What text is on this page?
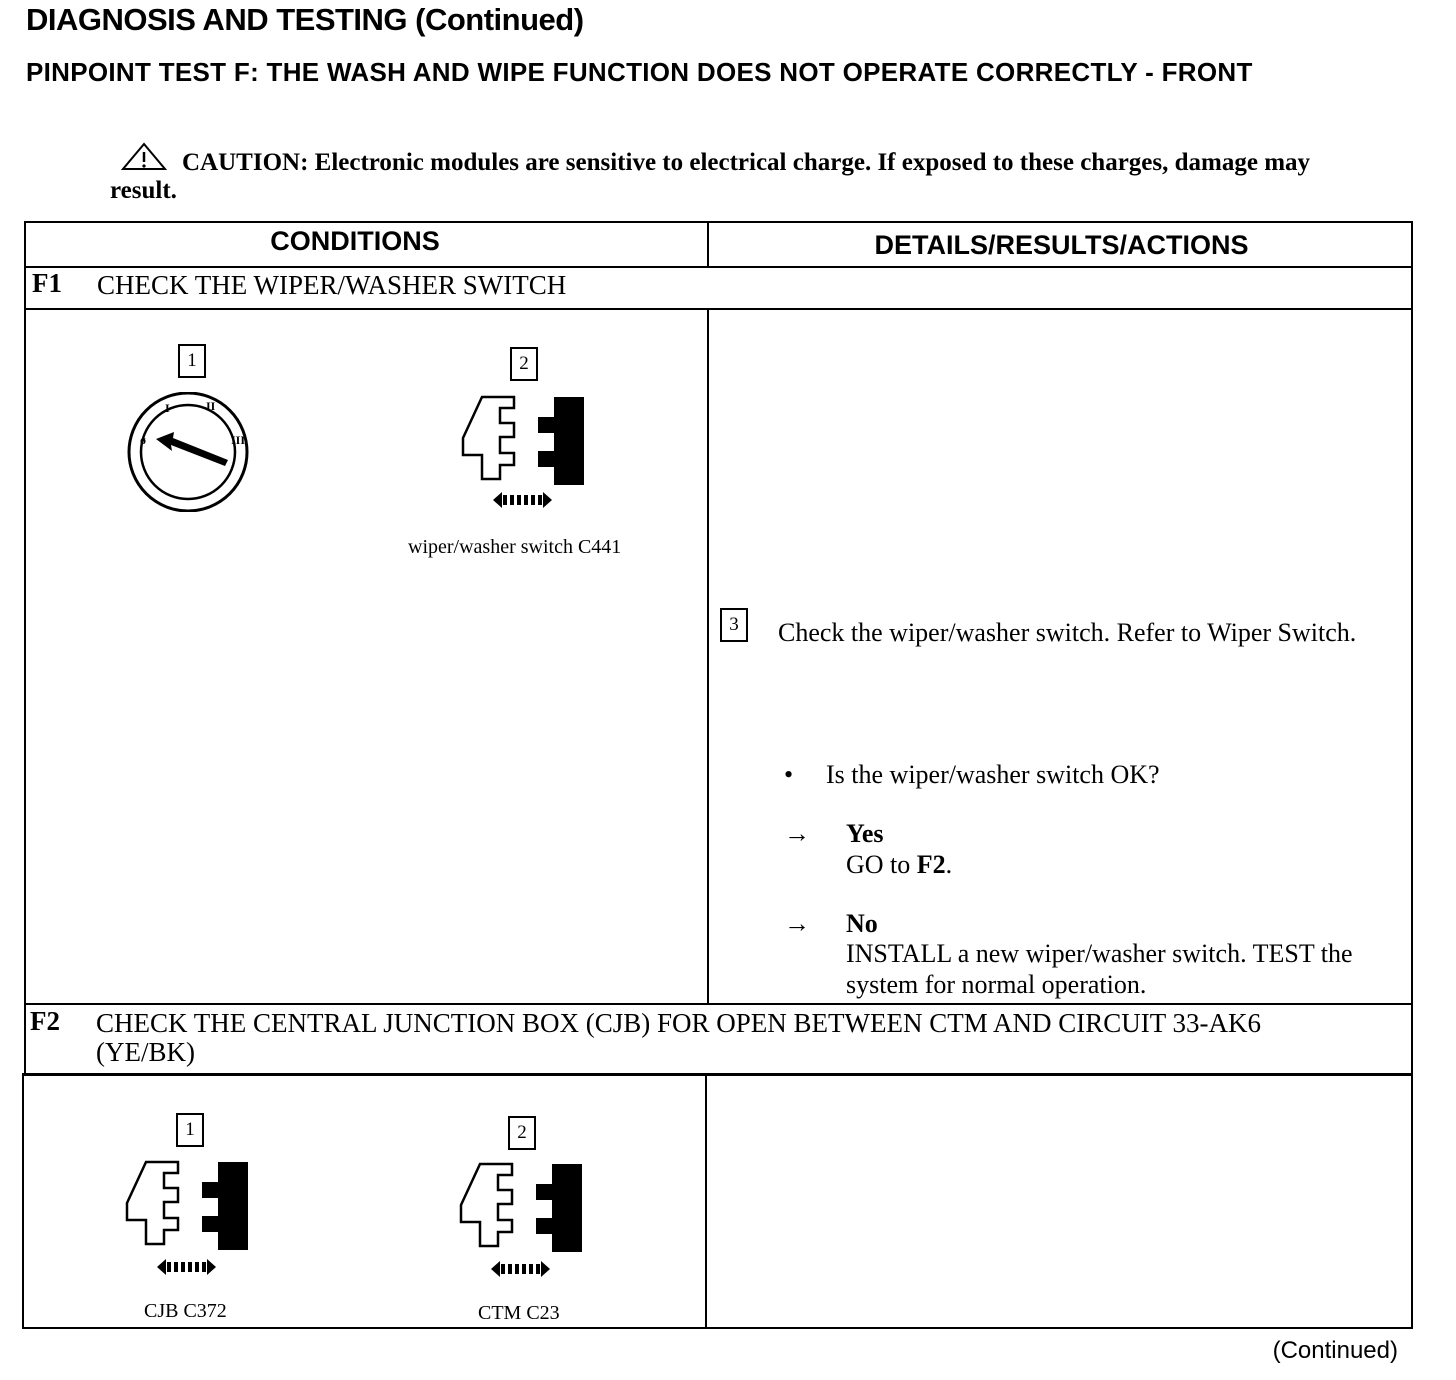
DIAGNOSIS AND TESTING (Continued)
PINPOINT TEST F: THE WASH AND WIPE FUNCTION DOES NOT OPERATE CORRECTLY - FRONT
CAUTION: Electronic modules are sensitive to electrical charge. If exposed to these charges, damage may result.
CONDITIONS	DETAILS/RESULTS/ACTIONS
F1 CHECK THE WIPER/WASHER SWITCH
1
ø
I	II
III
2
wiper/washer switch C441
3	Check the wiper/washer switch. Refer to Wiper Switch.
• Is the wiper/washer switch OK?
→ Yes
GO to F2.
→ No
INSTALL a new wiper/washer switch. TEST the system for normal operation.
F2 CHECK THE CENTRAL JUNCTION BOX (CJB) FOR OPEN BETWEEN CTM AND CIRCUIT 33-AK6 (YE/BK)
1
CJB C372
2
CTM C23
(Continued)
